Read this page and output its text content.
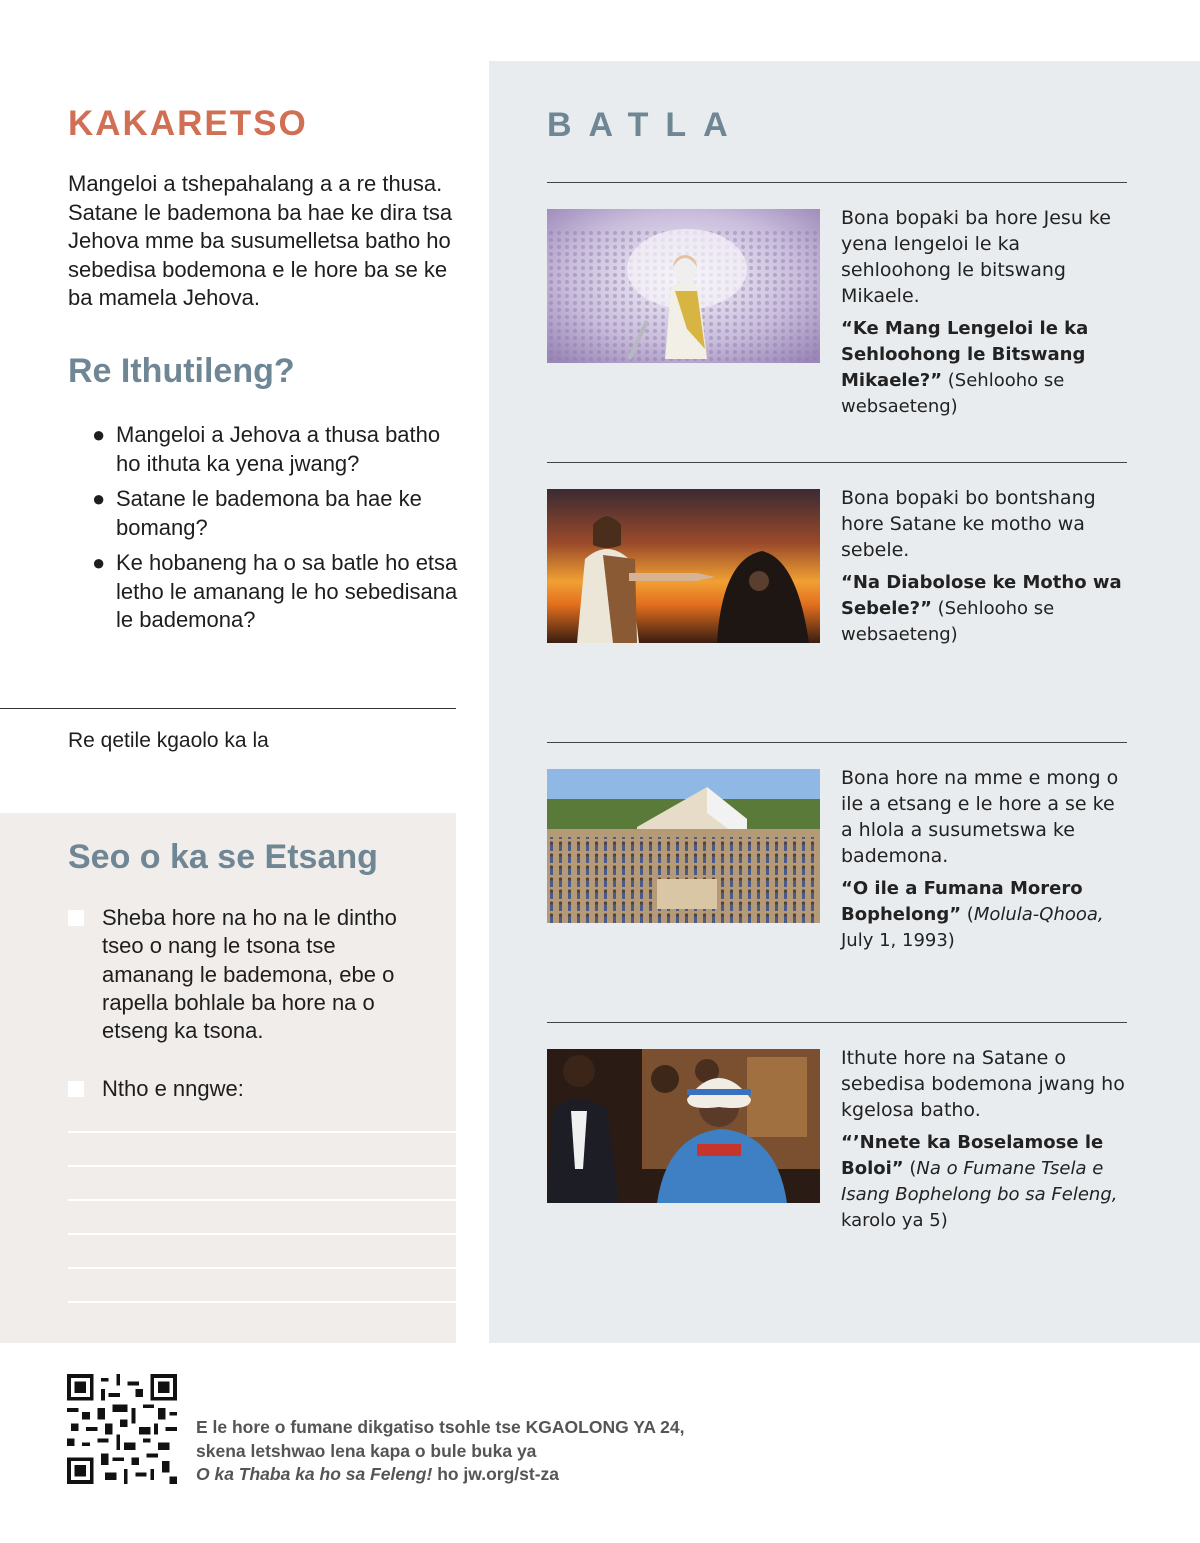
KAKARETSO

Mangeloi a tshepahalang a a re thusa. Satane le bademona ba hae ke dira tsa Jehova mme ba susumelletsa batho ho sebedisa bodemona e le hore ba se ke ba mamela Jehova.

Re Ithutileng?
● Mangeloi a Jehova a thusa batho ho ithuta ka yena jwang?
● Satane le bademona ba hae ke bomang?
● Ke hobaneng ha o sa batle ho etsa letho le amanang le ho sebedisana le bademona?

Re qetile kgaolo ka la

Seo o ka se Etsang
Sheba hore na ho na le dintho tseo o nang le tsona tse amanang le bademona, ebe o rapella bohlale ba hore na o etseng ka tsona.
Ntho e nngwe:
BATLA

Bona bopaki ba hore Jesu ke yena lengeloi le ka sehloohong le bitswang Mikaele.

“Ke Mang Lengeloi le ka Sehloohong le Bitswang Mikaele?” (Sehlooho se websaeteng)

Bona bopaki bo bontshang hore Satane ke motho wa sebele.

“Na Diabolose ke Motho wa Sebele?” (Sehlooho se websaeteng)

Bona hore na mme e mong o ile a etsang e le hore a se ke a hlola a susumetswa ke bademona.

“O ile a Fumana Morero Bophelong” (Molula-Qhooa, July 1, 1993)

Ithute hore na Satane o sebedisa bodemona jwang ho kgelosa batho.

“’Nnete ka Boselamose le Boloi” (Na o Fumane Tsela e Isang Bophelong bo sa Feleng, karolo ya 5)

E le hore o fumane dikgatiso tsohle tse KGAOLONG YA 24,
skena letshwao lena kapa o bule buka ya
O ka Thaba ka ho sa Feleng! ho jw.org/st-za
